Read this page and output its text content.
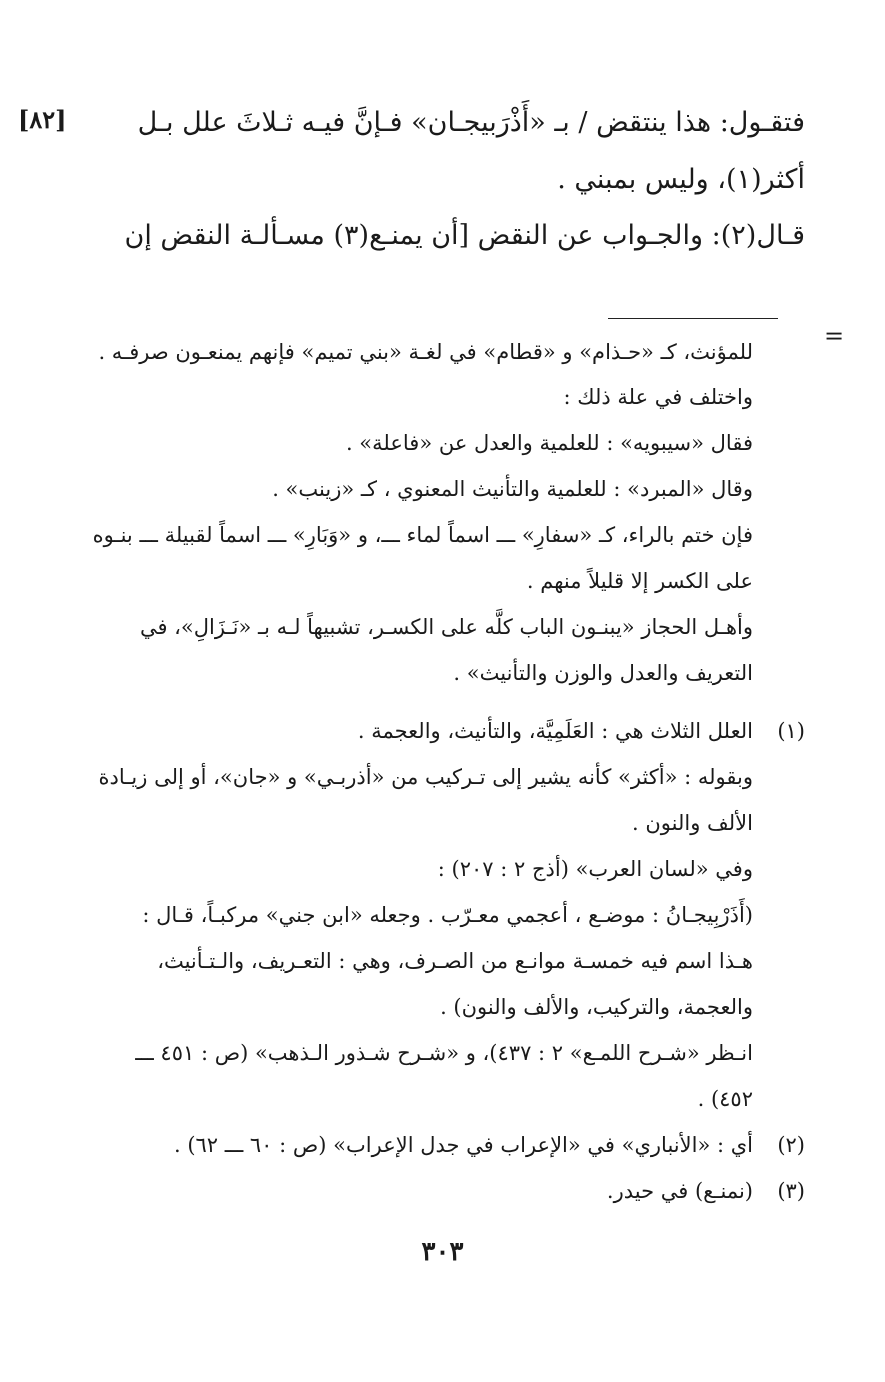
[٨٢]	فتقـول: هذا ينتقض / بـ «أَذْرَبيجـان» فـإنَّ فيـه ثـلاثَ علل بـل
أكثر(١)، وليس بمبني .
قـال(٢): والجـواب عن النقض [أن يمنـع(٣) مسـألـة النقض إن
=
للمؤنث، كـ «حـذام» و «قطام» في لغـة «بني تميم» فإنهم يمنعـون صرفـه .
واختلف في علة ذلك :
فقال «سيبويه» : للعلمية والعدل عن «فاعلة» .
وقال «المبرد» : للعلمية والتأنيث المعنوي ، كـ «زينب» .
فإن ختم بالراء، كـ «سفارِ» ـــ اسماً لماء ـــ، و «وَبَارِ» ـــ اسماً لقبيلة ـــ بنـوه
على الكسر إلا قليلاً منهم .
وأهـل الحجاز «يبنـون الباب كلَّه على الكسـر، تشبيهاً لـه بـ «نَـزَالِ»، في
التعريف والعدل والوزن والتأنيث» .
(١)
العلل الثلاث هي : العَلَمِيَّة، والتأنيث، والعجمة .
وبقوله : «أكثر» كأنه يشير إلى تـركيب من «أذربـي» و «جان»، أو إلى زيـادة
الألف والنون .
وفي «لسان العرب» (أذج ٢ : ٢٠٧) :
(أَذَرْبِيجـانُ : موضـع ، أعجمي معـرّب . وجعله «ابن جني» مركبـاً، قـال :
هـذا اسم فيه خمسـة موانـع من الصـرف، وهي : التعـريف، والـتـأنيث،
والعجمة، والتركيب، والألف والنون) .
انـظر «شـرح اللمـع» ٢ : ٤٣٧)، و «شـرح شـذور الـذهب» (ص : ٤٥١ ـــ
٤٥٢) .
(٢)
أي : «الأنباري» في «الإعراب في جدل الإعراب» (ص : ٦٠ ـــ ٦٢) .
(٣)
(نمنـع) في حيدر.
٣٠٣
